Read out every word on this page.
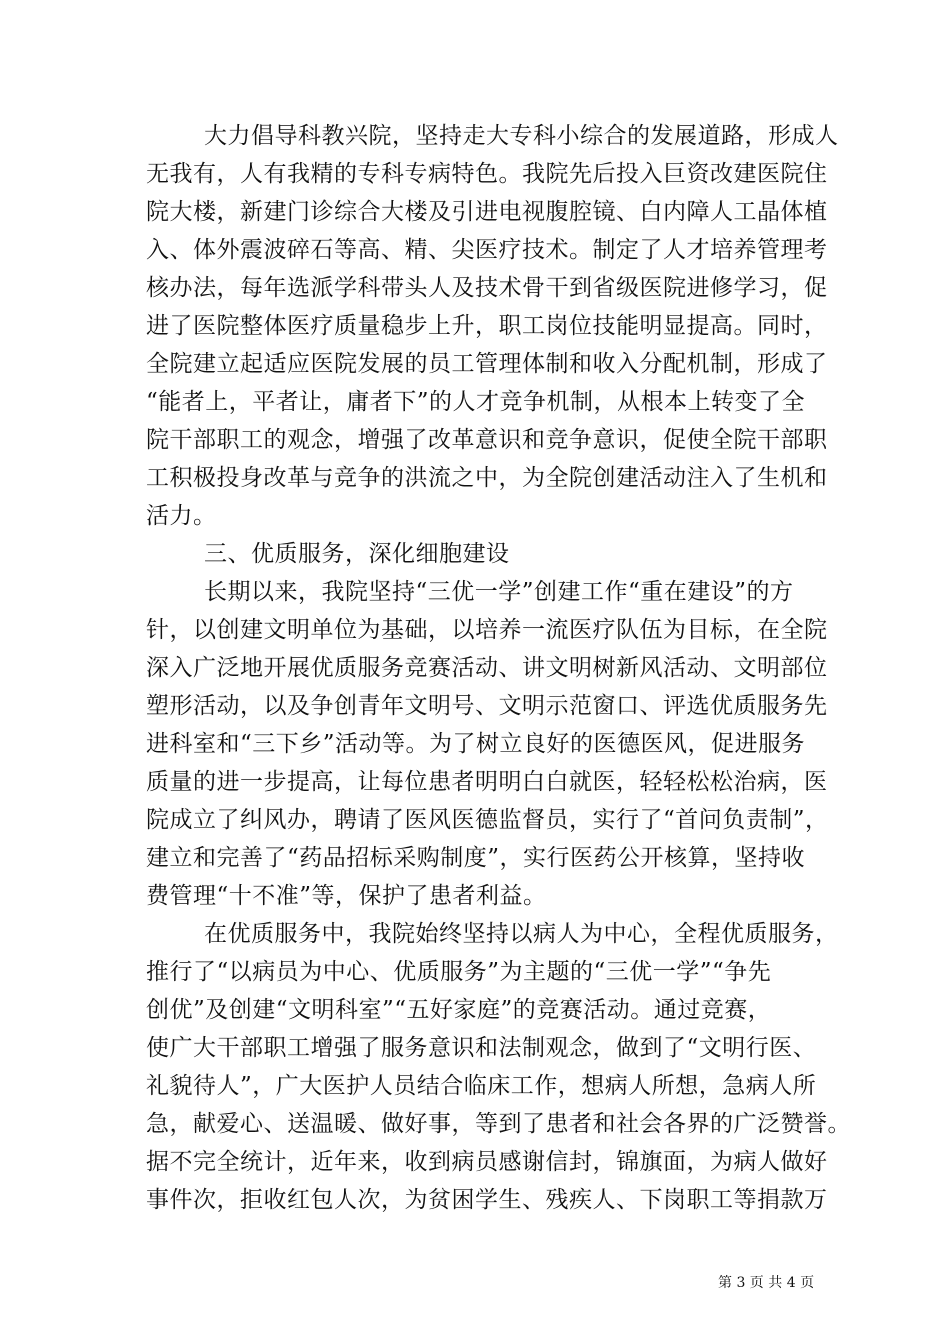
大力倡导科教兴院，坚持走大专科小综合的发展道路，形成人
无我有，人有我精的专科专病特色。我院先后投入巨资改建医院住
院大楼，新建门诊综合大楼及引进电视腹腔镜、白内障人工晶体植
入、体外震波碎石等高、精、尖医疗技术。制定了人才培养管理考
核办法，每年选派学科带头人及技术骨干到省级医院进修学习，促
进了医院整体医疗质量稳步上升，职工岗位技能明显提高。同时，
全院建立起适应医院发展的员工管理体制和收入分配机制，形成了
“能者上，平者让，庸者下”的人才竞争机制，从根本上转变了全
院干部职工的观念，增强了改革意识和竞争意识，促使全院干部职
工积极投身改革与竞争的洪流之中，为全院创建活动注入了生机和
活力。
三、优质服务，深化细胞建设
长期以来，我院坚持“三优一学”创建工作“重在建设”的方
针，以创建文明单位为基础，以培养一流医疗队伍为目标，在全院
深入广泛地开展优质服务竞赛活动、讲文明树新风活动、文明部位
塑形活动，以及争创青年文明号、文明示范窗口、评选优质服务先
进科室和“三下乡”活动等。为了树立良好的医德医风，促进服务
质量的进一步提高，让每位患者明明白白就医，轻轻松松治病，医
院成立了纠风办，聘请了医风医德监督员，实行了“首问负责制”，
建立和完善了“药品招标采购制度”，实行医药公开核算，坚持收
费管理“十不准”等，保护了患者利益。
在优质服务中，我院始终坚持以病人为中心，全程优质服务，
推行了“以病员为中心、优质服务”为主题的“三优一学”“争先
创优”及创建“文明科室”“五好家庭”的竞赛活动。通过竞赛，
使广大干部职工增强了服务意识和法制观念，做到了“文明行医、
礼貌待人”，广大医护人员结合临床工作，想病人所想，急病人所
急，献爱心、送温暖、做好事，等到了患者和社会各界的广泛赞誉。
据不完全统计，近年来，收到病员感谢信封，锦旗面，为病人做好
事件次，拒收红包人次，为贫困学生、残疾人、下岗职工等捐款万
第 3 页 共 4 页
